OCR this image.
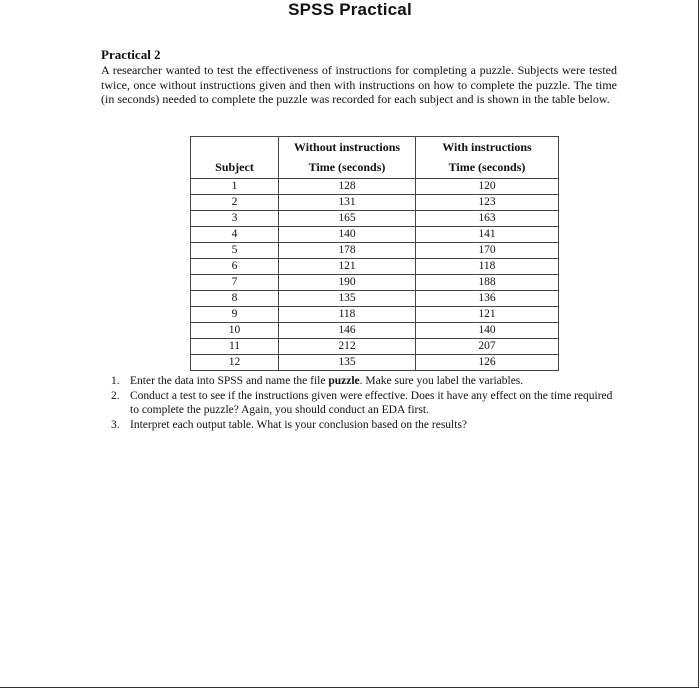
SPSS Practical
Practical 2

A researcher wanted to test the effectiveness of instructions for completing a puzzle. Subjects were tested twice, once without instructions given and then with instructions on how to complete the puzzle. The time (in seconds) needed to complete the puzzle was recorded for each subject and is shown in the table below.

	Without instructions	With instructions
Subject	Time (seconds)	Time (seconds)
1	128	120
2	131	123
3	165	163
4	140	141
5	178	170
6	121	118
7	190	188
8	135	136
9	118	121
10	146	140
11	212	207
12	135	126

1. Enter the data into SPSS and name the file puzzle. Make sure you label the variables.

2. Conduct a test to see if the instructions given were effective. Does it have any effect on the time required to complete the puzzle? Again, you should conduct an EDA first.

3. Interpret each output table. What is your conclusion based on the results?
